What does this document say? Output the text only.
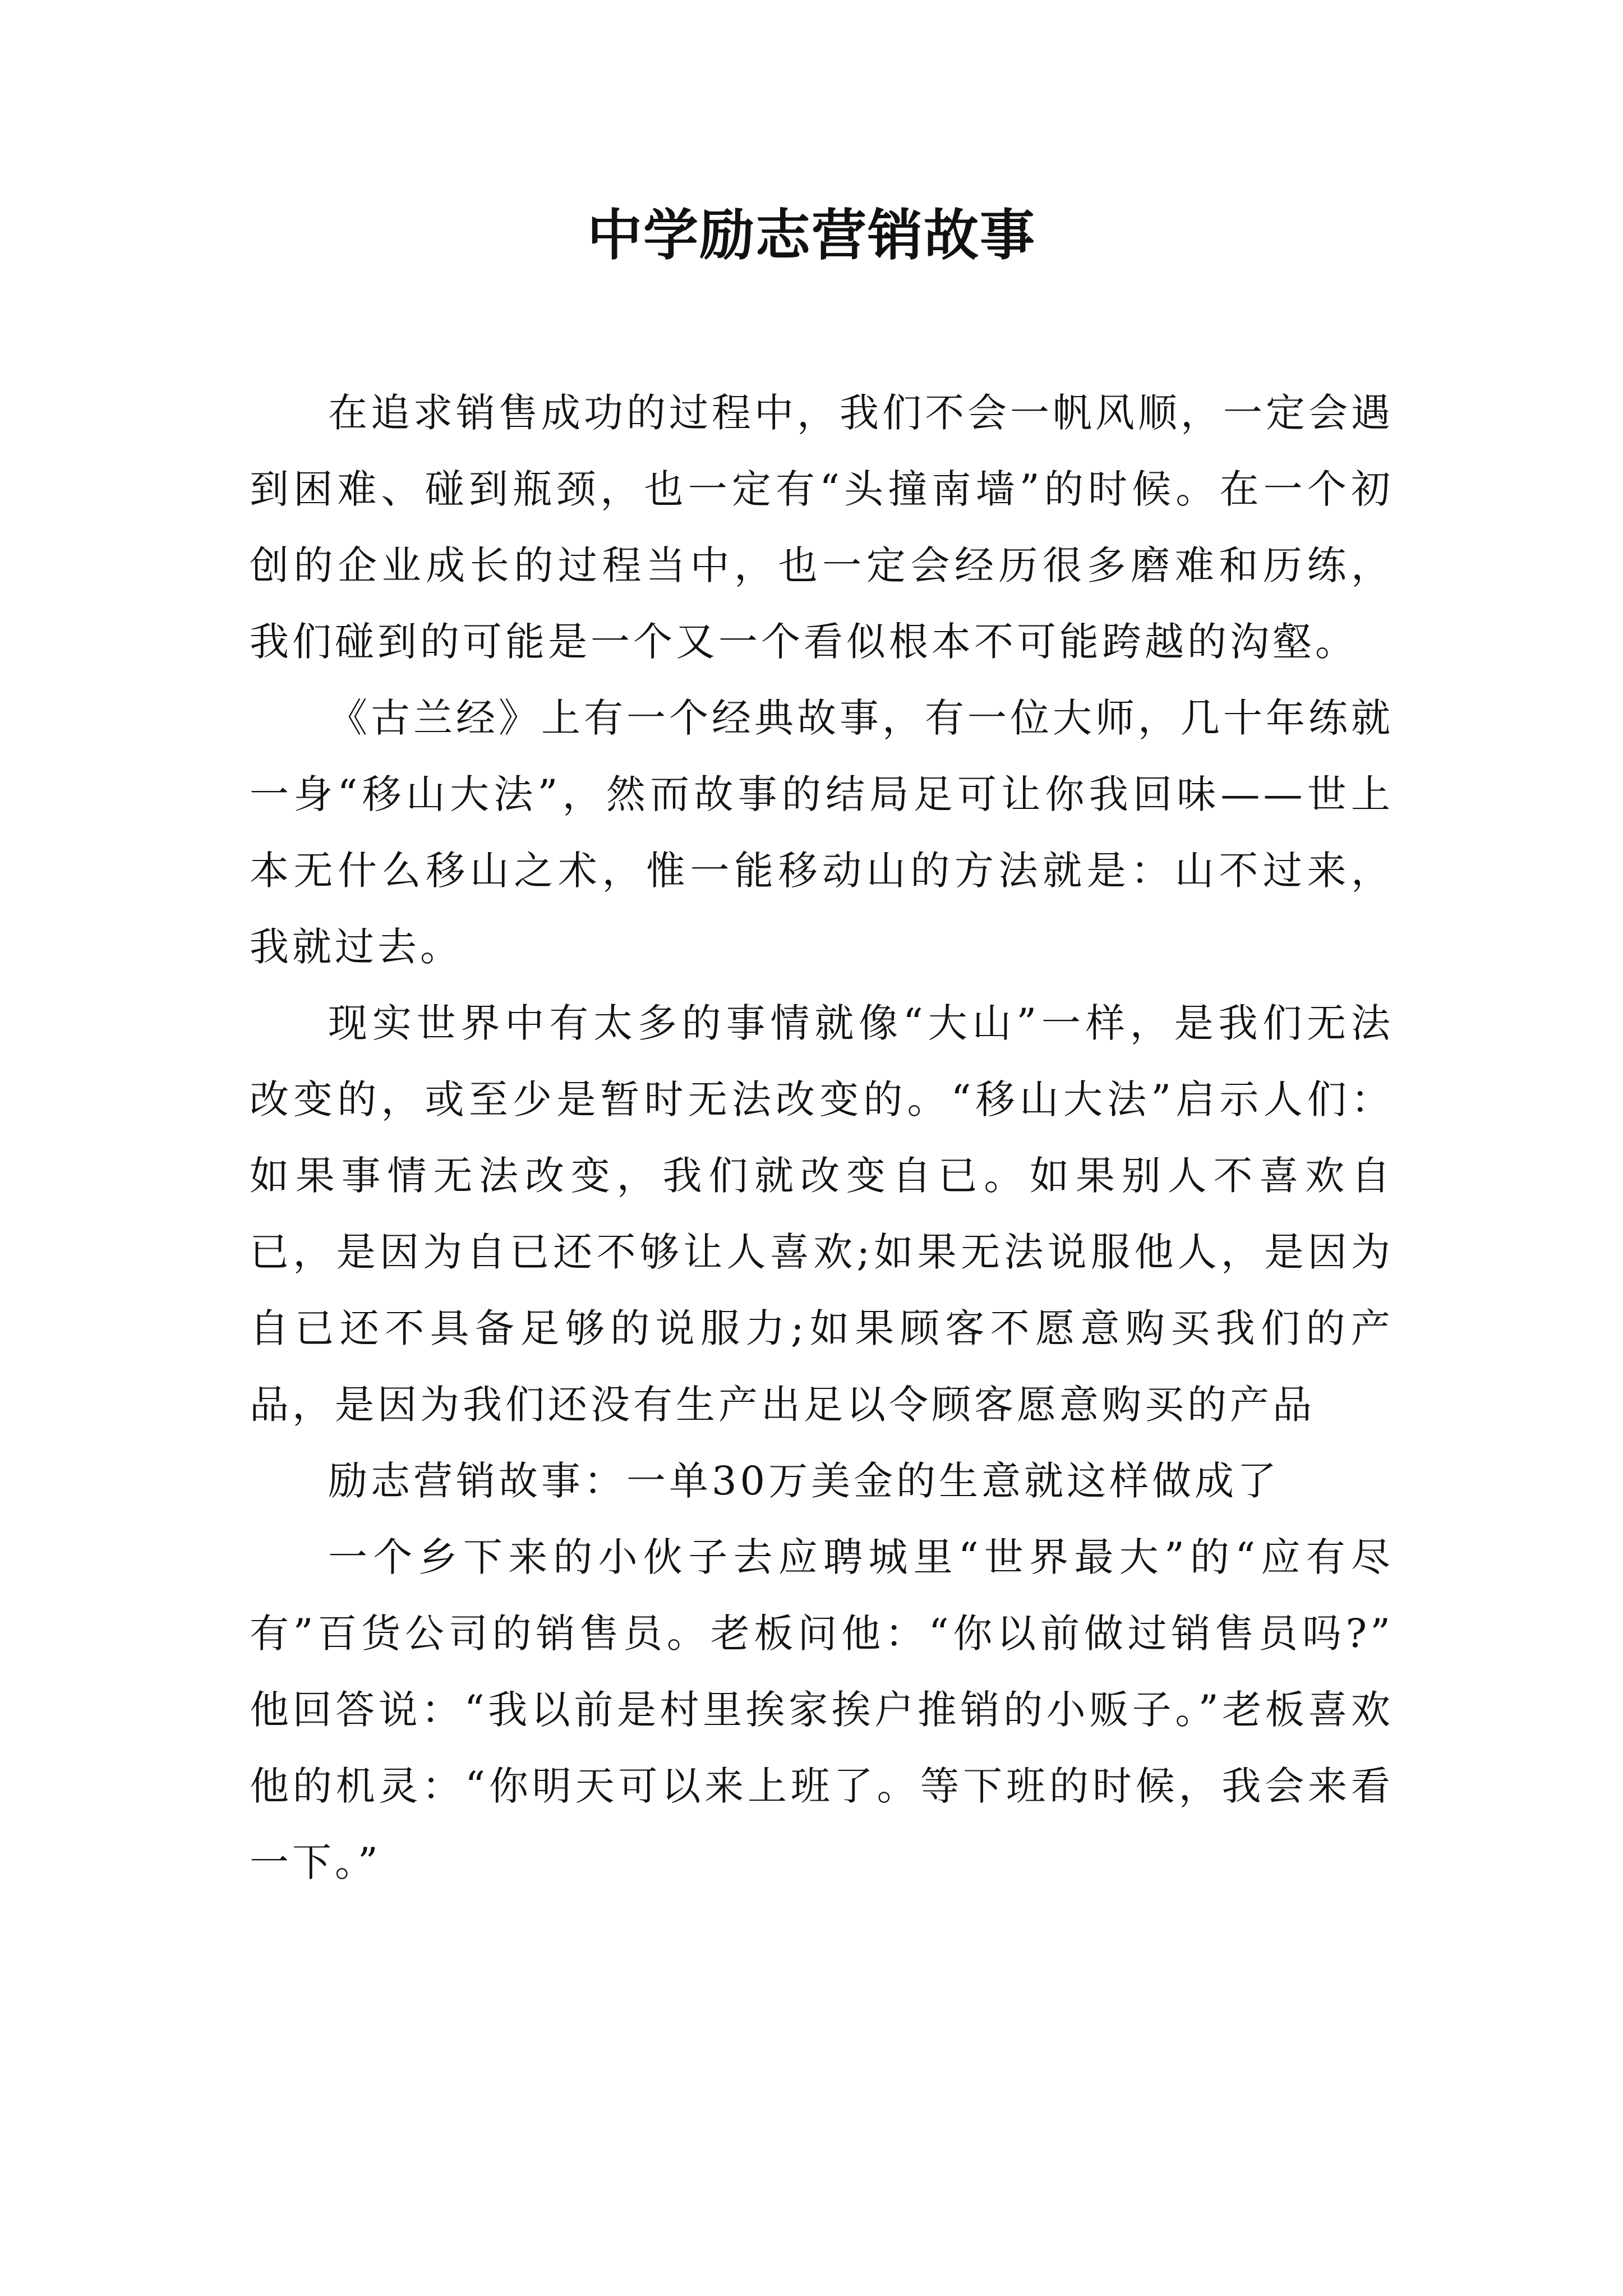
中学励志营销故事

在追求销售成功的过程中，我们不会一帆风顺，一定会遇到困难、碰到瓶颈，也一定有“头撞南墙”的时候。在一个初创的企业成长的过程当中，也一定会经历很多磨难和历练，我们碰到的可能是一个又一个看似根本不可能跨越的沟壑。

《古兰经》上有一个经典故事，有一位大师，几十年练就一身“移山大法”，然而故事的结局足可让你我回味——世上本无什么移山之术，惟一能移动山的方法就是：山不过来，我就过去。

现实世界中有太多的事情就像“大山”一样，是我们无法改变的，或至少是暂时无法改变的。“移山大法”启示人们：如果事情无法改变，我们就改变自已。如果别人不喜欢自已，是因为自已还不够让人喜欢;如果无法说服他人，是因为自已还不具备足够的说服力;如果顾客不愿意购买我们的产品，是因为我们还没有生产出足以令顾客愿意购买的产品

励志营销故事：一单30万美金的生意就这样做成了

一个乡下来的小伙子去应聘城里“世界最大”的“应有尽有”百货公司的销售员。老板问他：“你以前做过销售员吗?” 他回答说：“我以前是村里挨家挨户推销的小贩子。”老板喜欢他的机灵：“你明天可以来上班了。等下班的时候，我会来看一下。”
